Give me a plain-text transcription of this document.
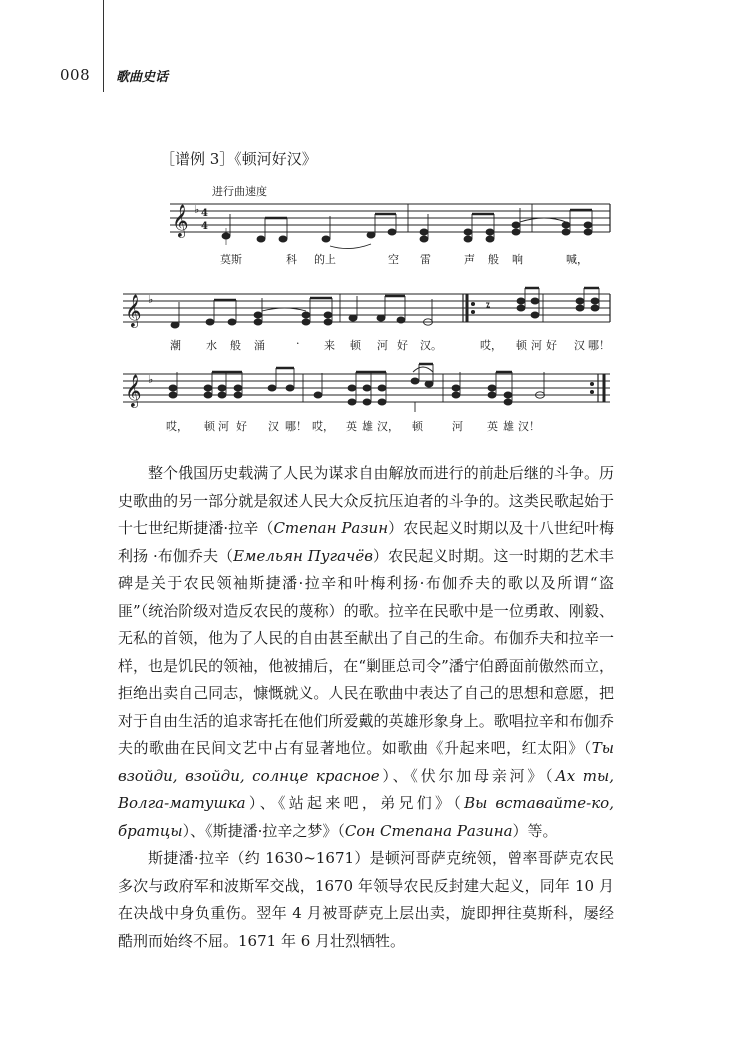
008 歌曲史话
［谱例 3］《顿河好汉》
进行曲速度
𝄞 ♭ 4
4
𝄞 ♭
𝄞 ♭
莫斯	科 的上	空 雷	声 般 响	喊，
潮 水 般 涌	· 来 顿 河 好 汉。	哎， 顿 河 好 汉 哪！
哎， 顿 河 好 汉 哪！ 哎， 英 雄 汉， 顿	河 英 雄 汉！

整个俄国历史载满了人民为谋求自由解放而进行的前赴后继的斗争。历史歌曲的另一部分就是叙述人民大众反抗压迫者的斗争的。这类民歌起始于十七世纪斯捷潘·拉辛（Степан Разин）农民起义时期以及十八世纪叶梅利扬 ·布伽乔夫（Емельян Пугачёв）农民起义时期。这一时期的艺术丰碑是关于农民领袖斯捷潘·拉辛和叶梅利扬·布伽乔夫的歌以及所谓“盗匪”（统治阶级对造反农民的蔑称）的歌。拉辛在民歌中是一位勇敢、刚毅、无私的首领，他为了人民的自由甚至献出了自己的生命。布伽乔夫和拉辛一样，也是饥民的领袖，他被捕后，在“剿匪总司令”潘宁伯爵面前傲然而立，拒绝出卖自己同志，慷慨就义。人民在歌曲中表达了自己的思想和意愿，把对于自由生活的追求寄托在他们所爱戴的英雄形象身上。歌唱拉辛和布伽乔夫的歌曲在民间文艺中占有显著地位。如歌曲《升起来吧，红太阳》（Ты взойди, взойди, солнце красное）、《伏尔加母亲河》（Ах ты, Волга-матушка）、《站起来吧，弟兄们》（Вы вставайте-ко, братцы）、《斯捷潘·拉辛之梦》（Сон Степана Разина）等。

斯捷潘·拉辛（约 1630~1671）是顿河哥萨克统领，曾率哥萨克农民多次与政府军和波斯军交战，1670 年领导农民反封建大起义，同年 10 月在决战中身负重伤。翌年 4 月被哥萨克上层出卖，旋即押往莫斯科，屡经酷刑而始终不屈。1671 年 6 月壮烈牺牲。
